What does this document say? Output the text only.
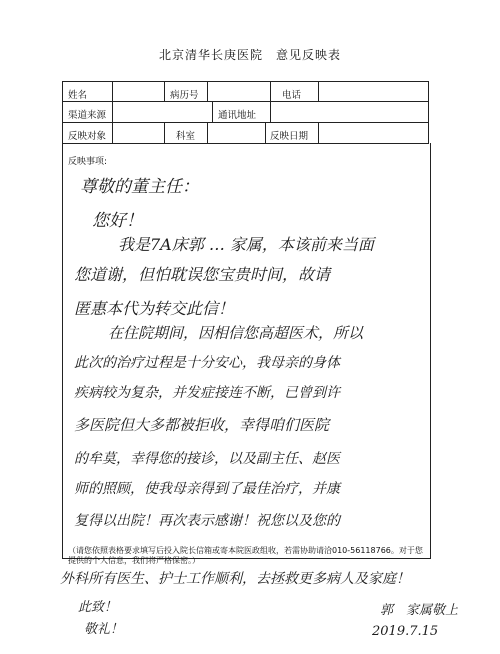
北京清华长庚医院　意见反映表
姓名	病历号	电话
渠道来源	通讯地址
反映对象	科室	反映日期
反映事项:
尊敬的董主任：
您好！
我是7A床郭 … 家属，本该前来当面
您道谢，但怕耽误您宝贵时间，故请
匿惠本代为转交此信！
在住院期间，因相信您高超医术，所以
此次的治疗过程是十分安心，我母亲的身体
疾病较为复杂，并发症接连不断，已曾到许
多医院但大多都被拒收，幸得咱们医院
的牟莫，幸得您的接诊，以及副主任、赵医
师的照顾，使我母亲得到了最佳治疗，并康
复得以出院！再次表示感谢！祝您以及您的
（请您依照表格要求填写后投入院长信箱或寄本院医政组收，若需协助请洽010-56118766。对于您提供的个人信息，我们将严格保密。）
外科所有医生、护士工作顺利，去拯救更多病人及家庭！
此致！
敬礼！
郭　家属敬上
2019.7.15
